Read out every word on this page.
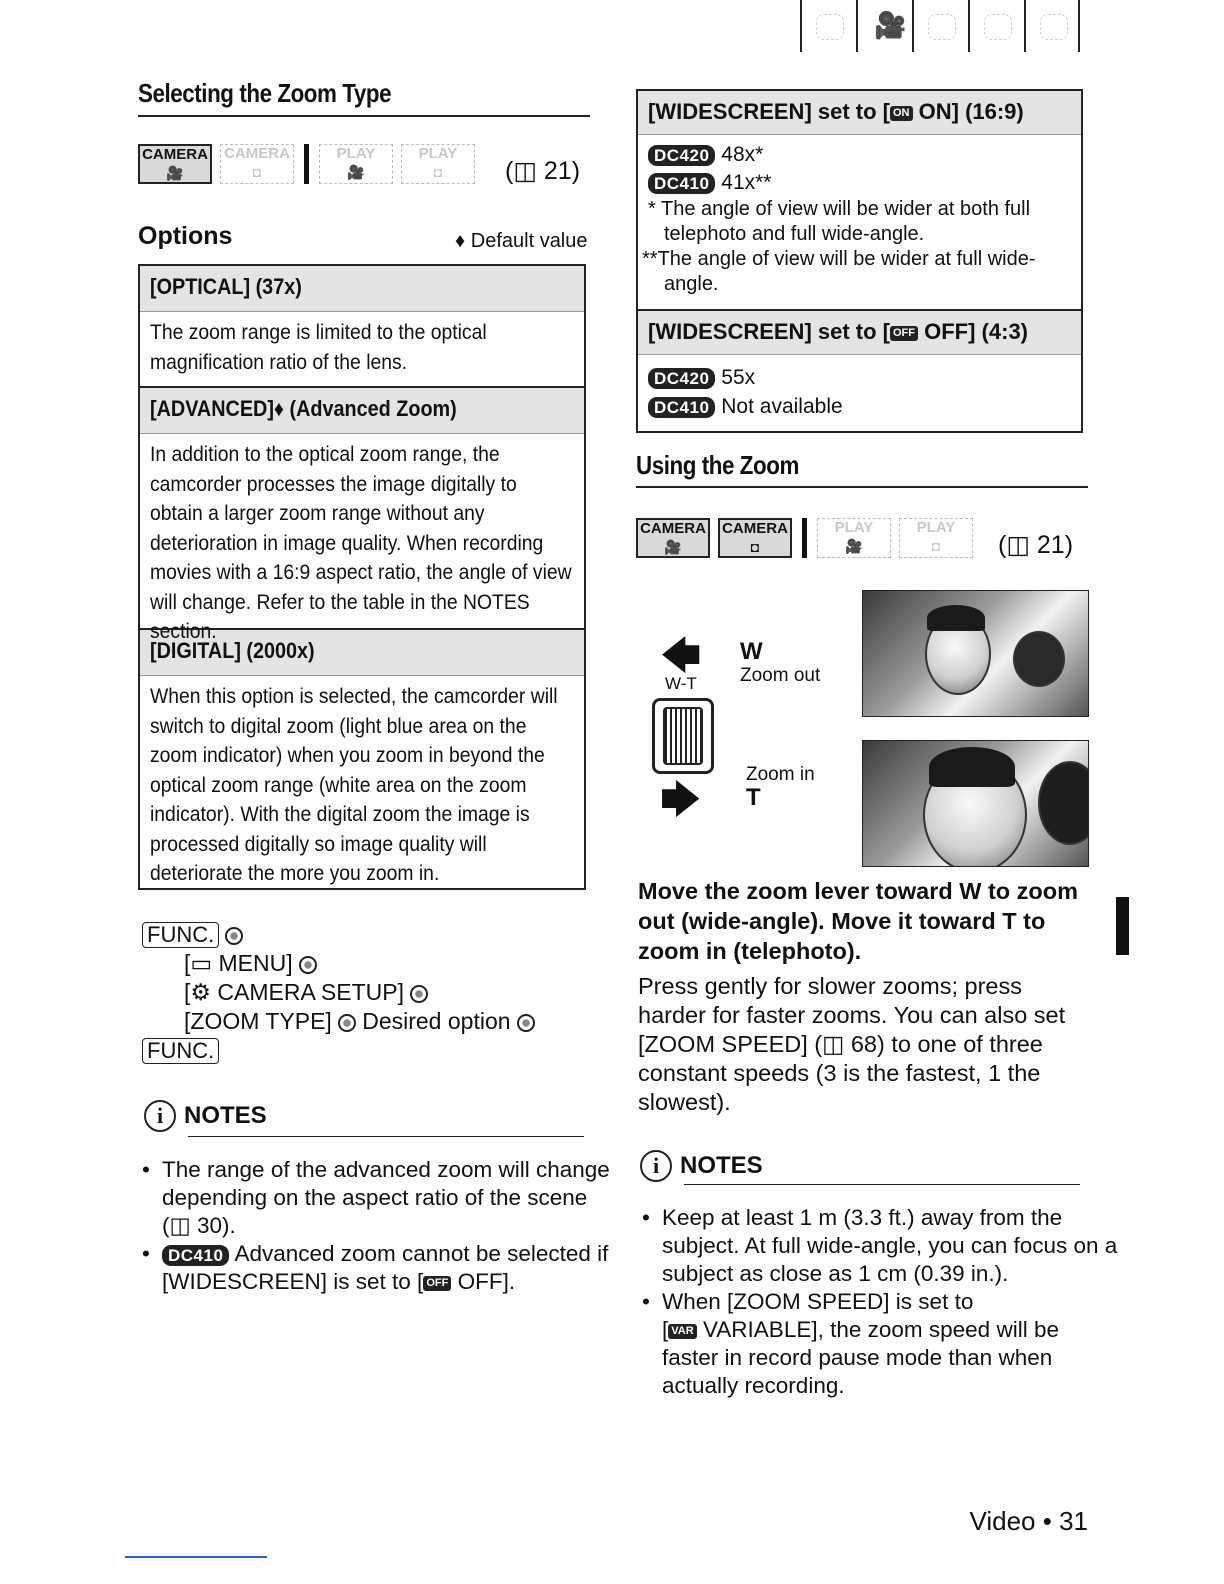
🎥
Selecting the Zoom Type
CAMERA
🎥
CAMERA
◘
PLAY
🎥
PLAY
◘	(◫ 21)
Options	♦ Default value
[OPTICAL] (37x)
The zoom range is limited to the optical magnification ratio of the lens.
[ADVANCED]♦ (Advanced Zoom)
In addition to the optical zoom range, the camcorder processes the image digitally to obtain a larger zoom range without any deterioration in image quality. When recording movies with a 16:9 aspect ratio, the angle of view will change. Refer to the table in the NOTES section.
[DIGITAL] (2000x)
When this option is selected, the camcorder will switch to digital zoom (light blue area on the zoom indicator) when you zoom in beyond the optical zoom range (white area on the zoom indicator). With the digital zoom the image is processed digitally so image quality will deteriorate the more you zoom in.
FUNC.
[▭ MENU]
[⚙ CAMERA SETUP]
[ZOOM TYPE] Desired option
FUNC.
i NOTES
• The range of the advanced zoom will change depending on the aspect ratio of the scene (◫ 30).
• DC410 Advanced zoom cannot be selected if [WIDESCREEN] is set to [ OFF OFF].
[WIDESCREEN] set to [ ON ON] (16:9)
DC420 48x*
DC410 41x**
* The angle of view will be wider at both full telephoto and full wide-angle.
**The angle of view will be wider at full wide-angle.
[WIDESCREEN] set to [ OFF OFF] (4:3)
DC420 55x
DC410 Not available
Using the Zoom
CAMERA
🎥
CAMERA
◘
PLAY
🎥
PLAY
◘	(◫ 21)
🡄 W
Zoom out
W-T
Zoom in
T
🡆
Move the zoom lever toward W to zoom out (wide-angle). Move it toward T to zoom in (telephoto).
Press gently for slower zooms; press harder for faster zooms. You can also set [ZOOM SPEED] (◫ 68) to one of three constant speeds (3 is the fastest, 1 the slowest).
i NOTES
• Keep at least 1 m (3.3 ft.) away from the subject. At full wide-angle, you can focus on a subject as close as 1 cm (0.39 in.).
• When [ZOOM SPEED] is set to
[ VAR VARIABLE], the zoom speed will be faster in record pause mode than when actually recording.
Video • 31
